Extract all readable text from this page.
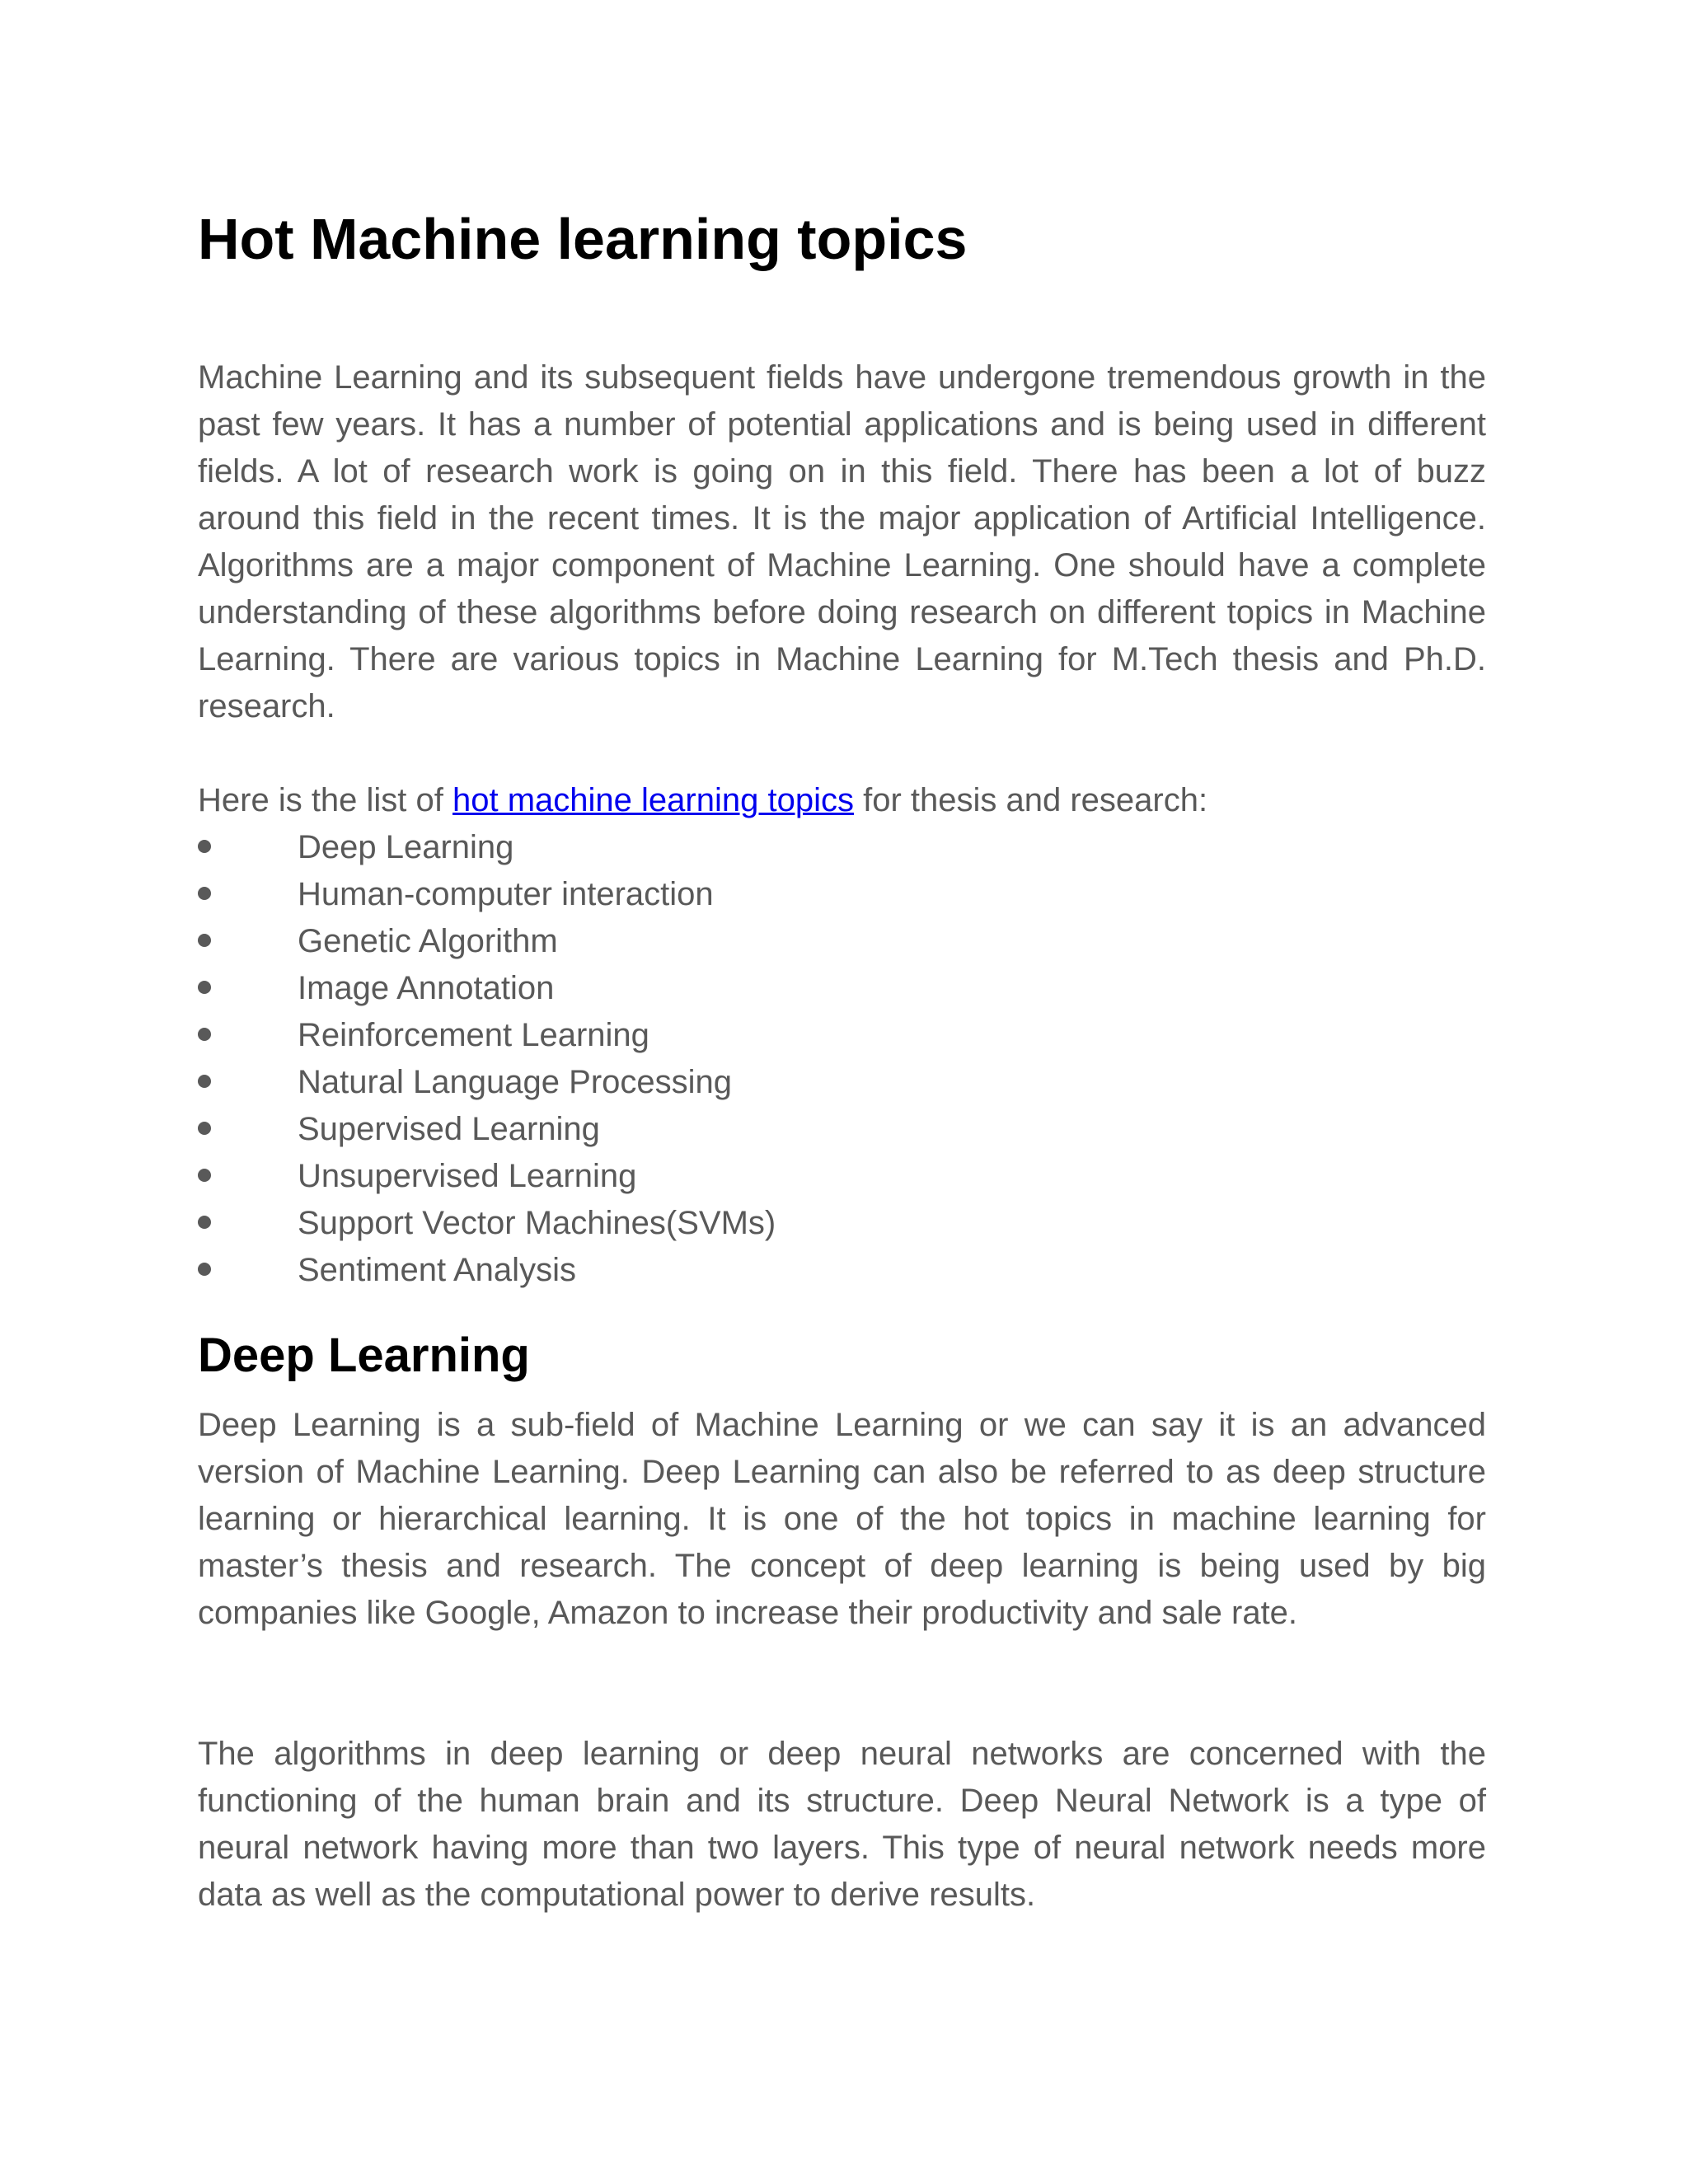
Hot Machine learning topics

Machine Learning and its subsequent fields have undergone tremendous growth in the past few years. It has a number of potential applications and is being used in different fields. A lot of research work is going on in this field. There has been a lot of buzz around this field in the recent times. It is the major application of Artificial Intelligence. Algorithms are a major component of Machine Learning. One should have a complete understanding of these algorithms before doing research on different topics in Machine Learning. There are various topics in Machine Learning for M.Tech thesis and Ph.D. research.

Here is the list of hot machine learning topics for thesis and research:

Deep Learning
Human-computer interaction
Genetic Algorithm
Image Annotation
Reinforcement Learning
Natural Language Processing
Supervised Learning
Unsupervised Learning
Support Vector Machines(SVMs)
Sentiment Analysis
Deep Learning

Deep Learning is a sub-field of Machine Learning or we can say it is an advanced version of Machine Learning. Deep Learning can also be referred to as deep structure learning or hierarchical learning. It is one of the hot topics in machine learning for master’s thesis and research. The concept of deep learning is being used by big companies like Google, Amazon to increase their productivity and sale rate.

The algorithms in deep learning or deep neural networks are concerned with the functioning of the human brain and its structure. Deep Neural Network is a type of neural network having more than two layers. This type of neural network needs more data as well as the computational power to derive results.
